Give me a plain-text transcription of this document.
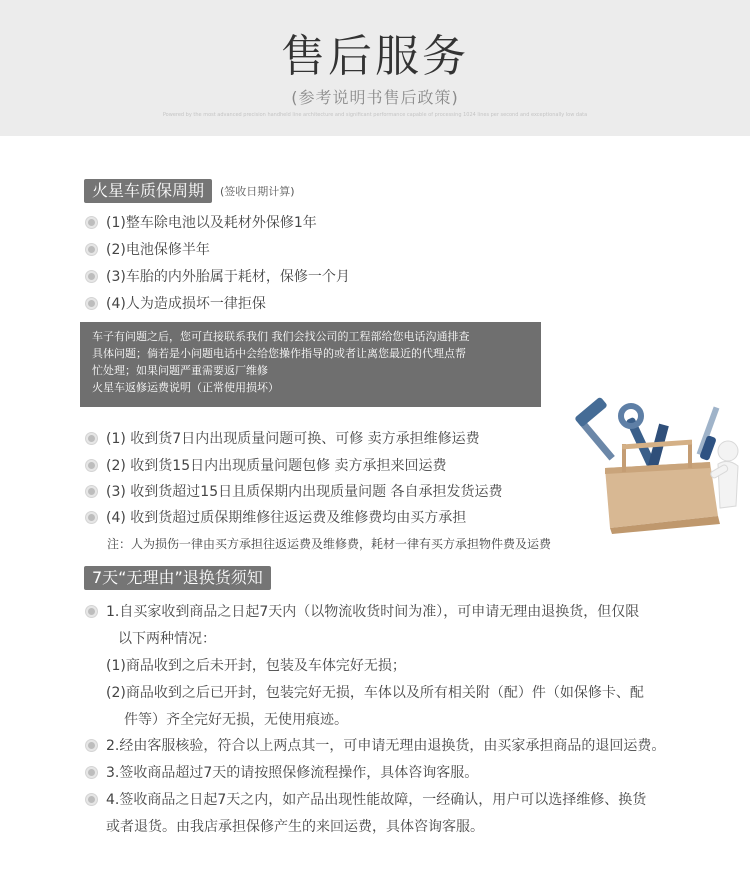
售后服务
(参考说明书售后政策)
Powered by the most advanced precision handheld line architecture and significant performance capable of processing 1024 lines per second and exceptionally low data
火星车质保周期	(签收日期计算)
(1)整车除电池以及耗材外保修1年
(2)电池保修半年
(3)车胎的内外胎属于耗材，保修一个月
(4)人为造成损坏一律拒保
车子有问题之后，您可直接联系我们 我们会找公司的工程部给您电话沟通排查
具体问题；倘若是小问题电话中会给您操作指导的或者让离您最近的代理点帮
忙处理；如果问题严重需要返厂维修
火星车返修运费说明（正常使用损坏）
(1) 收到货7日内出现质量问题可换、可修 卖方承担维修运费
(2) 收到货15日内出现质量问题包修 卖方承担来回运费
(3) 收到货超过15日且质保期内出现质量问题 各自承担发货运费
(4) 收到货超过质保期维修往返运费及维修费均由买方承担
注：人为损伤一律由买方承担往返运费及维修费，耗材一律有买方承担物件费及运费
7天“无理由”退换货须知
1.自买家收到商品之日起7天内（以物流收货时间为准），可申请无理由退换货，但仅限
以下两种情况：
(1)商品收到之后未开封，包装及车体完好无损；
(2)商品收到之后已开封，包装完好无损，车体以及所有相关附（配）件（如保修卡、配
件等）齐全完好无损，无使用痕迹。
2.经由客服核验，符合以上两点其一，可申请无理由退换货，由买家承担商品的退回运费。
3.签收商品超过7天的请按照保修流程操作，具体咨询客服。
4.签收商品之日起7天之内，如产品出现性能故障，一经确认，用户可以选择维修、换货
或者退货。由我店承担保修产生的来回运费，具体咨询客服。
